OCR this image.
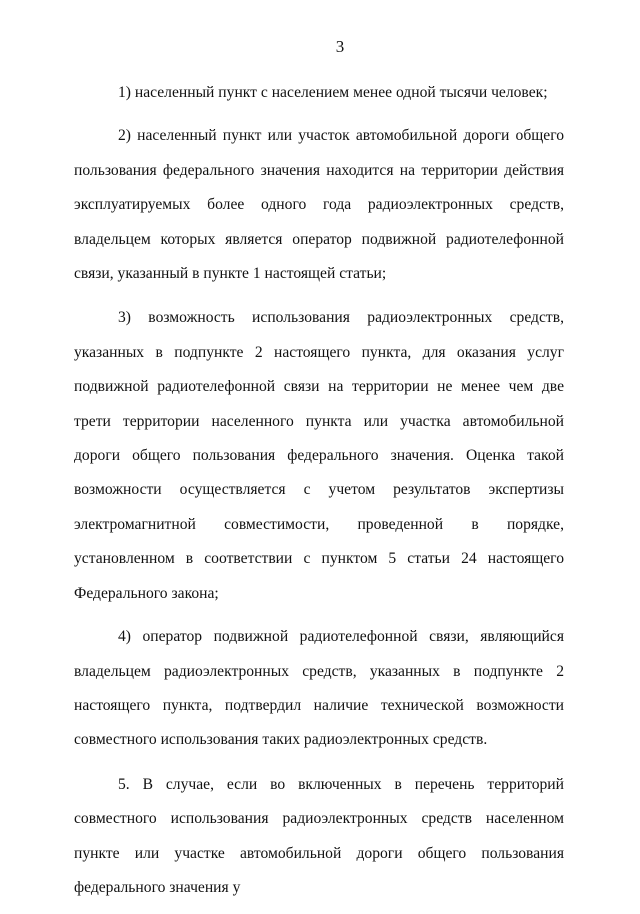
3

1) населенный пункт с населением менее одной тысячи человек;

2) населенный пункт или участок автомобильной дороги общего пользования федерального значения находится на территории действия эксплуатируемых более одного года радиоэлектронных средств, владельцем которых является оператор подвижной радиотелефонной связи, указанный в пункте 1 настоящей статьи;

3) возможность использования радиоэлектронных средств, указанных в подпункте 2 настоящего пункта, для оказания услуг подвижной радиотелефонной связи на территории не менее чем две трети территории населенного пункта или участка автомобильной дороги общего пользования федерального значения. Оценка такой возможности осуществляется с учетом результатов экспертизы электромагнитной совместимости, проведенной в порядке, установленном в соответствии с пунктом 5 статьи 24 настоящего Федерального закона;

4) оператор подвижной радиотелефонной связи, являющийся владельцем радиоэлектронных средств, указанных в подпункте 2 настоящего пункта, подтвердил наличие технической возможности совместного использования таких радиоэлектронных средств.

5. В случае, если во включенных в перечень территорий совместного использования радиоэлектронных средств населенном пункте или участке автомобильной дороги общего пользования федерального значения у
